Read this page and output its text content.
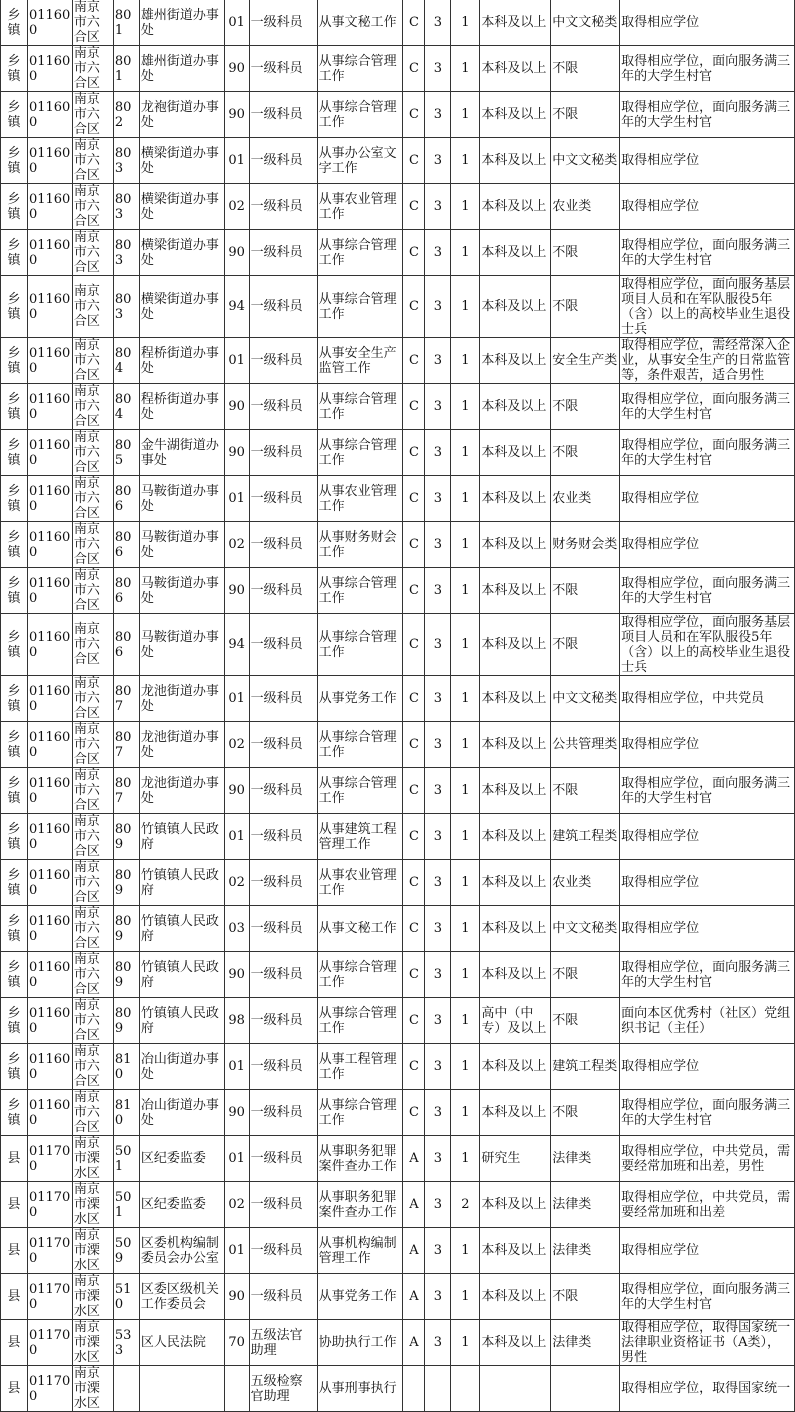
乡镇	011600	南京市六合区	801	雄州街道办事处	01	一级科员	从事文秘工作	C	3	1	本科及以上	中文文秘类	取得相应学位
乡镇	011600	南京市六合区	801	雄州街道办事处	90	一级科员	从事综合管理工作	C	3	1	本科及以上	不限	取得相应学位，面向服务满三年的大学生村官
乡镇	011600	南京市六合区	802	龙袍街道办事处	90	一级科员	从事综合管理工作	C	3	1	本科及以上	不限	取得相应学位，面向服务满三年的大学生村官
乡镇	011600	南京市六合区	803	横梁街道办事处	01	一级科员	从事办公室文字工作	C	3	1	本科及以上	中文文秘类	取得相应学位
乡镇	011600	南京市六合区	803	横梁街道办事处	02	一级科员	从事农业管理工作	C	3	1	本科及以上	农业类	取得相应学位
乡镇	011600	南京市六合区	803	横梁街道办事处	90	一级科员	从事综合管理工作	C	3	1	本科及以上	不限	取得相应学位，面向服务满三年的大学生村官
乡镇	011600	南京市六合区	803	横梁街道办事处	94	一级科员	从事综合管理工作	C	3	1	本科及以上	不限	取得相应学位，面向服务基层项目人员和在军队服役5年（含）以上的高校毕业生退役士兵
乡镇	011600	南京市六合区	804	程桥街道办事处	01	一级科员	从事安全生产监管工作	C	3	1	本科及以上	安全生产类	取得相应学位，需经常深入企业，从事安全生产的日常监管等，条件艰苦，适合男性
乡镇	011600	南京市六合区	804	程桥街道办事处	90	一级科员	从事综合管理工作	C	3	1	本科及以上	不限	取得相应学位，面向服务满三年的大学生村官
乡镇	011600	南京市六合区	805	金牛湖街道办事处	90	一级科员	从事综合管理工作	C	3	1	本科及以上	不限	取得相应学位，面向服务满三年的大学生村官
乡镇	011600	南京市六合区	806	马鞍街道办事处	01	一级科员	从事农业管理工作	C	3	1	本科及以上	农业类	取得相应学位
乡镇	011600	南京市六合区	806	马鞍街道办事处	02	一级科员	从事财务财会工作	C	3	1	本科及以上	财务财会类	取得相应学位
乡镇	011600	南京市六合区	806	马鞍街道办事处	90	一级科员	从事综合管理工作	C	3	1	本科及以上	不限	取得相应学位，面向服务满三年的大学生村官
乡镇	011600	南京市六合区	806	马鞍街道办事处	94	一级科员	从事综合管理工作	C	3	1	本科及以上	不限	取得相应学位，面向服务基层项目人员和在军队服役5年（含）以上的高校毕业生退役士兵
乡镇	011600	南京市六合区	807	龙池街道办事处	01	一级科员	从事党务工作	C	3	1	本科及以上	中文文秘类	取得相应学位，中共党员
乡镇	011600	南京市六合区	807	龙池街道办事处	02	一级科员	从事综合管理工作	C	3	1	本科及以上	公共管理类	取得相应学位
乡镇	011600	南京市六合区	807	龙池街道办事处	90	一级科员	从事综合管理工作	C	3	1	本科及以上	不限	取得相应学位，面向服务满三年的大学生村官
乡镇	011600	南京市六合区	809	竹镇镇人民政府	01	一级科员	从事建筑工程管理工作	C	3	1	本科及以上	建筑工程类	取得相应学位
乡镇	011600	南京市六合区	809	竹镇镇人民政府	02	一级科员	从事农业管理工作	C	3	1	本科及以上	农业类	取得相应学位
乡镇	011600	南京市六合区	809	竹镇镇人民政府	03	一级科员	从事文秘工作	C	3	1	本科及以上	中文文秘类	取得相应学位
乡镇	011600	南京市六合区	809	竹镇镇人民政府	90	一级科员	从事综合管理工作	C	3	1	本科及以上	不限	取得相应学位，面向服务满三年的大学生村官
乡镇	011600	南京市六合区	809	竹镇镇人民政府	98	一级科员	从事综合管理工作	C	3	1	高中（中专）及以上	不限	面向本区优秀村（社区）党组织书记（主任）
乡镇	011600	南京市六合区	810	冶山街道办事处	01	一级科员	从事工程管理工作	C	3	1	本科及以上	建筑工程类	取得相应学位
乡镇	011600	南京市六合区	810	冶山街道办事处	90	一级科员	从事综合管理工作	C	3	1	本科及以上	不限	取得相应学位，面向服务满三年的大学生村官
县	011700	南京市溧水区	501	区纪委监委	01	一级科员	从事职务犯罪案件查办工作	A	3	1	研究生	法律类	取得相应学位，中共党员，需要经常加班和出差，男性
县	011700	南京市溧水区	501	区纪委监委	02	一级科员	从事职务犯罪案件查办工作	A	3	2	本科及以上	法律类	取得相应学位，中共党员，需要经常加班和出差
县	011700	南京市溧水区	509	区委机构编制委员会办公室	01	一级科员	从事机构编制管理工作	A	3	1	本科及以上	法律类	取得相应学位
县	011700	南京市溧水区	510	区委区级机关工作委员会	90	一级科员	从事党务工作	A	3	1	本科及以上	不限	取得相应学位，面向服务满三年的大学生村官
县	011700	南京市溧水区	533	区人民法院	70	五级法官助理	协助执行工作	A	3	1	本科及以上	法律类	取得相应学位，取得国家统一法律职业资格证书（A类），男性
县	011700	南京市溧水区				五级检察官助理	从事刑事执行						取得相应学位，取得国家统一
